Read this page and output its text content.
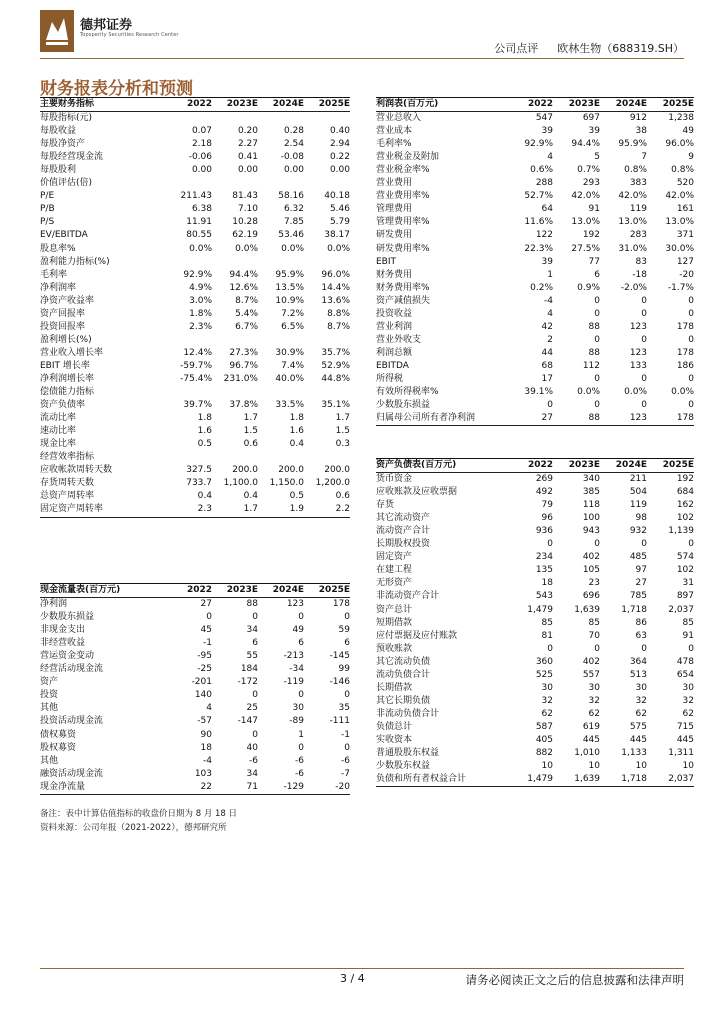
德邦证券
Topsperity Securities Research Center
公司点评 欧林生物（688319.SH）
财务报表分析和预测
主要财务指标	2022	2023E	2024E	2025E
每股指标(元)				
每股收益	0.07	0.20	0.28	0.40
每股净资产	2.18	2.27	2.54	2.94
每股经营现金流	-0.06	0.41	-0.08	0.22
每股股利	0.00	0.00	0.00	0.00
价值评估(倍)				
P/E	211.43	81.43	58.16	40.18
P/B	6.38	7.10	6.32	5.46
P/S	11.91	10.28	7.85	5.79
EV/EBITDA	80.55	62.19	53.46	38.17
股息率%	0.0%	0.0%	0.0%	0.0%
盈利能力指标(%)				
毛利率	92.9%	94.4%	95.9%	96.0%
净利润率	4.9%	12.6%	13.5%	14.4%
净资产收益率	3.0%	8.7%	10.9%	13.6%
资产回报率	1.8%	5.4%	7.2%	8.8%
投资回报率	2.3%	6.7%	6.5%	8.7%
盈利增长(%)				
营业收入增长率	12.4%	27.3%	30.9%	35.7%
EBIT 增长率	-59.7%	96.7%	7.4%	52.9%
净利润增长率	-75.4%	231.0%	40.0%	44.8%
偿债能力指标				
资产负债率	39.7%	37.8%	33.5%	35.1%
流动比率	1.8	1.7	1.8	1.7
速动比率	1.6	1.5	1.6	1.5
现金比率	0.5	0.6	0.4	0.3
经营效率指标				
应收帐款周转天数	327.5	200.0	200.0	200.0
存货周转天数	733.7	1,100.0	1,150.0	1,200.0
总资产周转率	0.4	0.4	0.5	0.6
固定资产周转率	2.3	1.7	1.9	2.2
利润表(百万元)	2022	2023E	2024E	2025E
营业总收入	547	697	912	1,238
营业成本	39	39	38	49
毛利率%	92.9%	94.4%	95.9%	96.0%
营业税金及附加	4	5	7	9
营业税金率%	0.6%	0.7%	0.8%	0.8%
营业费用	288	293	383	520
营业费用率%	52.7%	42.0%	42.0%	42.0%
管理费用	64	91	119	161
管理费用率%	11.6%	13.0%	13.0%	13.0%
研发费用	122	192	283	371
研发费用率%	22.3%	27.5%	31.0%	30.0%
EBIT	39	77	83	127
财务费用	1	6	-18	-20
财务费用率%	0.2%	0.9%	-2.0%	-1.7%
资产减值损失	-4	0	0	0
投资收益	4	0	0	0
营业利润	42	88	123	178
营业外收支	2	0	0	0
利润总额	44	88	123	178
EBITDA	68	112	133	186
所得税	17	0	0	0
有效所得税率%	39.1%	0.0%	0.0%	0.0%
少数股东损益	0	0	0	0
归属母公司所有者净利润	27	88	123	178
现金流量表(百万元)	2022	2023E	2024E	2025E
净利润	27	88	123	178
少数股东损益	0	0	0	0
非现金支出	45	34	49	59
非经营收益	-1	6	6	6
营运资金变动	-95	55	-213	-145
经营活动现金流	-25	184	-34	99
资产	-201	-172	-119	-146
投资	140	0	0	0
其他	4	25	30	35
投资活动现金流	-57	-147	-89	-111
债权募资	90	0	1	-1
股权募资	18	40	0	0
其他	-4	-6	-6	-6
融资活动现金流	103	34	-6	-7
现金净流量	22	71	-129	-20
资产负债表(百万元)	2022	2023E	2024E	2025E
货币资金	269	340	211	192
应收账款及应收票据	492	385	504	684
存货	79	118	119	162
其它流动资产	96	100	98	102
流动资产合计	936	943	932	1,139
长期股权投资	0	0	0	0
固定资产	234	402	485	574
在建工程	135	105	97	102
无形资产	18	23	27	31
非流动资产合计	543	696	785	897
资产总计	1,479	1,639	1,718	2,037
短期借款	85	85	86	85
应付票据及应付账款	81	70	63	91
预收账款	0	0	0	0
其它流动负债	360	402	364	478
流动负债合计	525	557	513	654
长期借款	30	30	30	30
其它长期负债	32	32	32	32
非流动负债合计	62	62	62	62
负债总计	587	619	575	715
实收资本	405	445	445	445
普通股股东权益	882	1,010	1,133	1,311
少数股东权益	10	10	10	10
负债和所有者权益合计	1,479	1,639	1,718	2,037
备注：表中计算估值指标的收盘价日期为 8 月 18 日
资料来源：公司年报（2021-2022），德邦研究所
3 / 4	请务必阅读正文之后的信息披露和法律声明
